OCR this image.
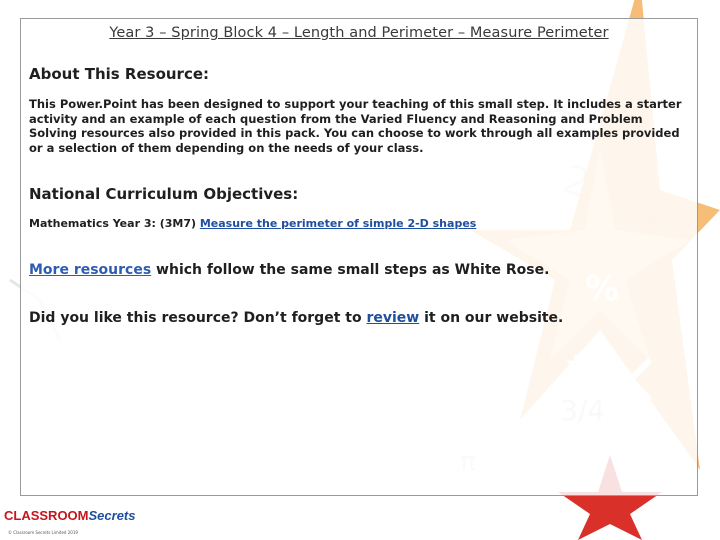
Year 3 – Spring Block 4 – Length and Perimeter – Measure Perimeter
About This Resource:
This Power.Point has been designed to support your teaching of this small step. It includes a starter activity and an example of each question from the Varied Fluency and Reasoning and Problem Solving resources also provided in this pack. You can choose to work through all examples provided or a selection of them depending on the needs of your class.
National Curriculum Objectives:
Mathematics Year 3: (3M7) Measure the perimeter of simple 2-D shapes
More resources which follow the same small steps as White Rose.
Did you like this resource? Don’t forget to review it on our website.
CLASSROOMSecrets
© Classroom Secrets Limited 2019
